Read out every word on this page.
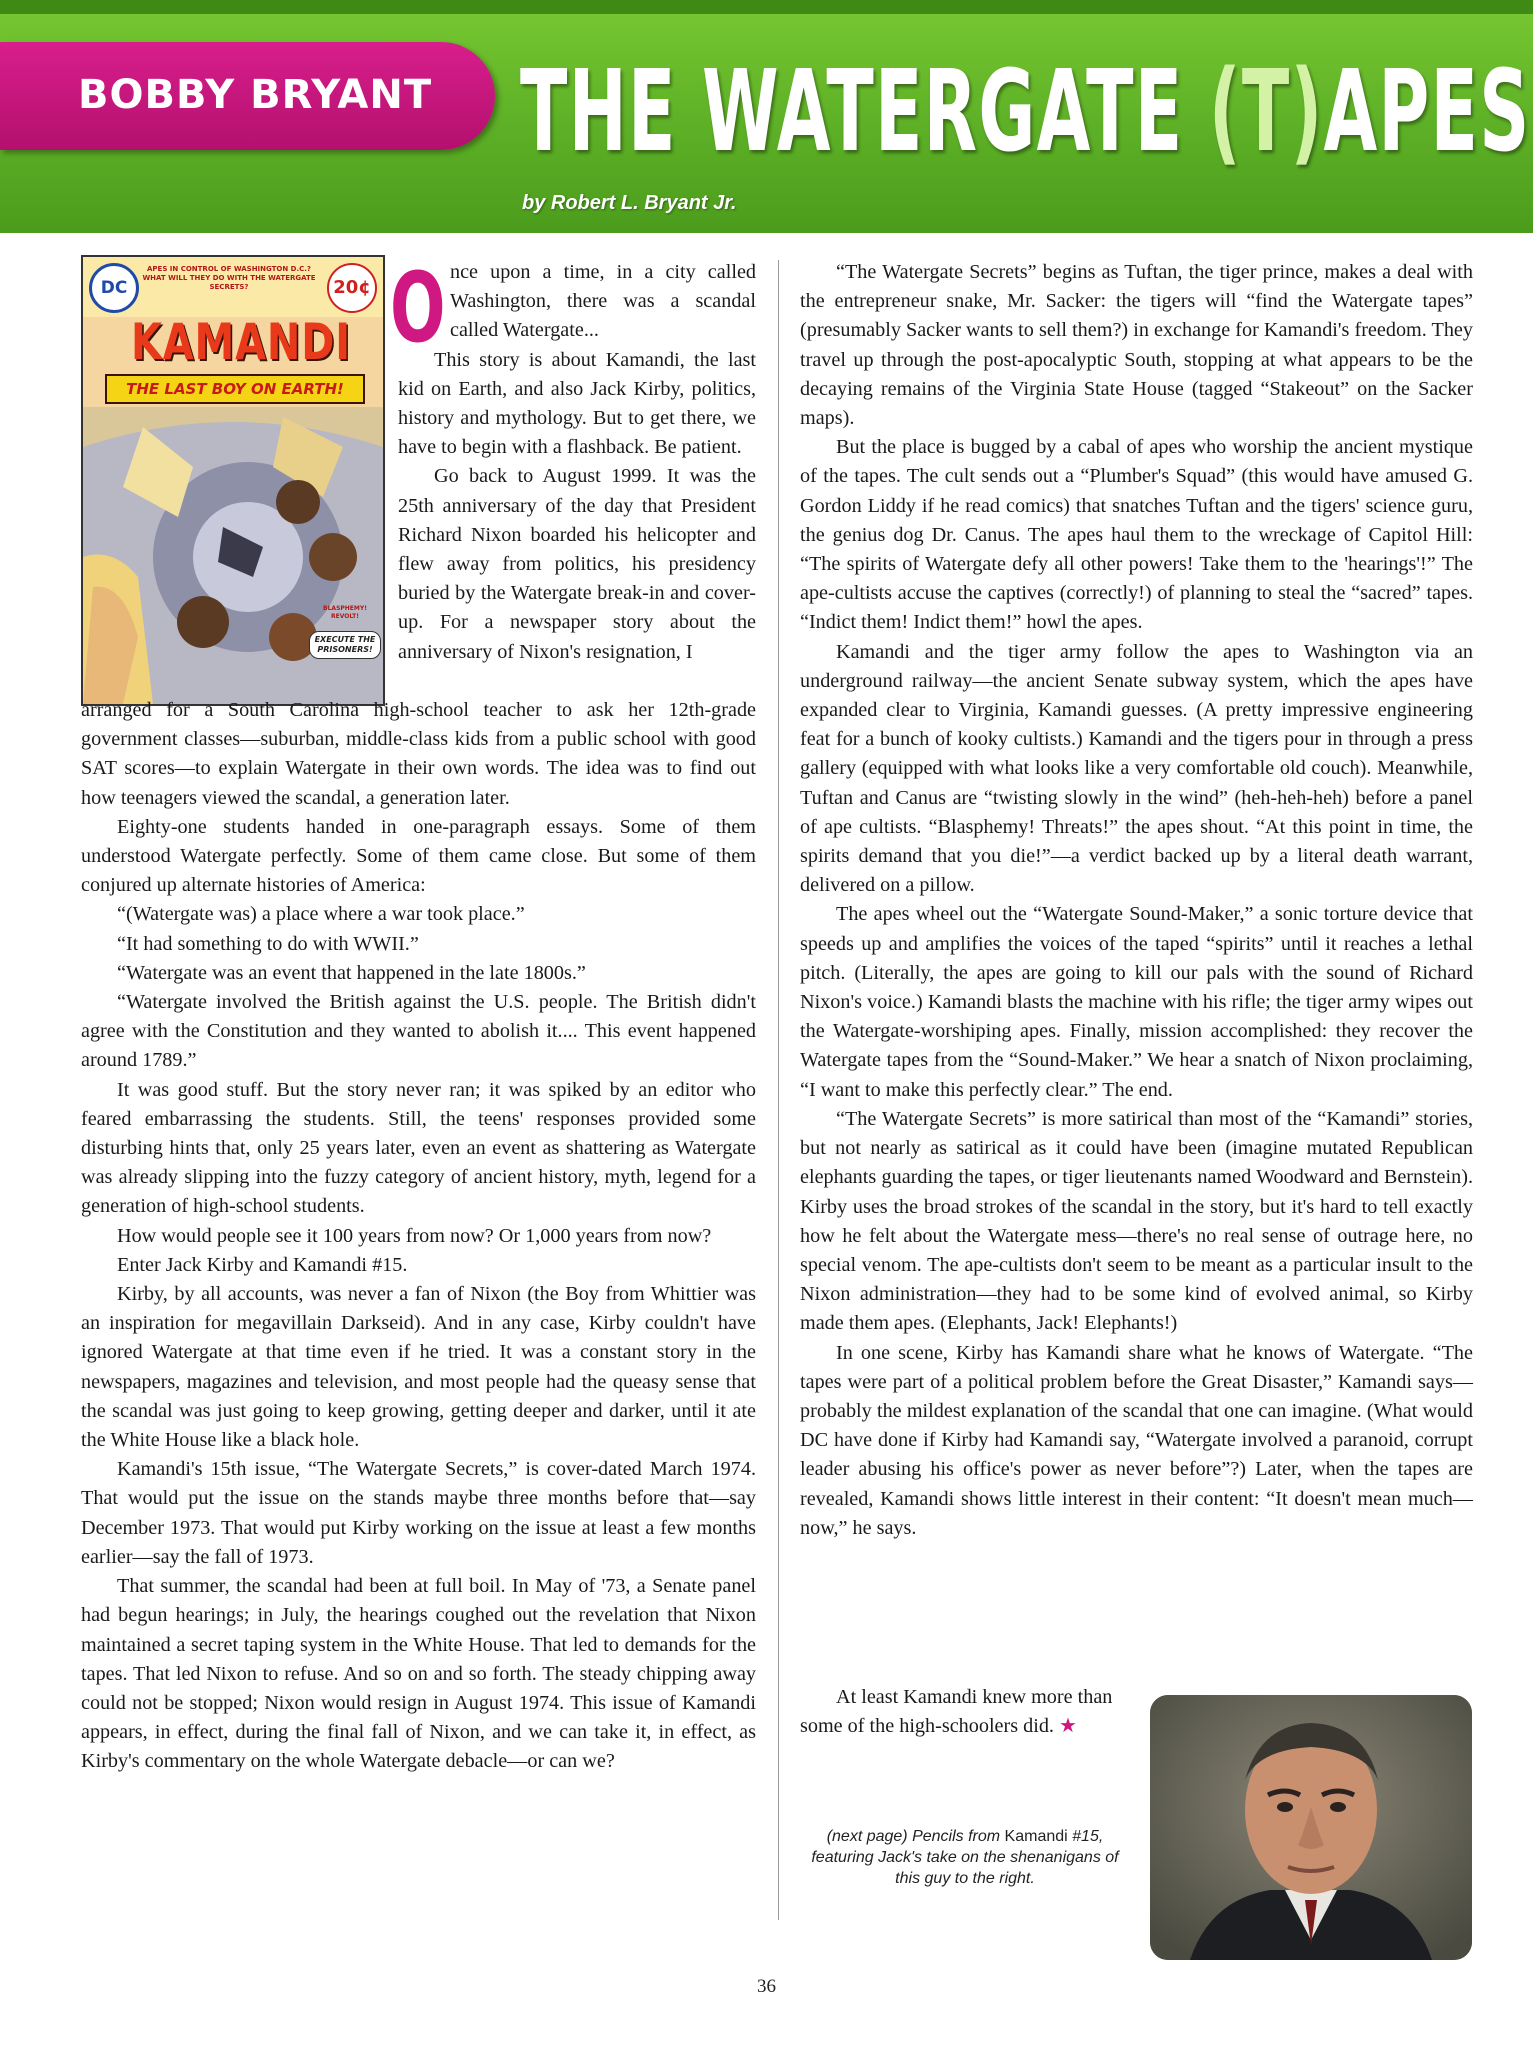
BOBBY BRYANT THE WATERGATE (T)APES
by Robert L. Bryant Jr.
DC
APES IN CONTROL OF WASHINGTON D.C.? WHAT WILL THEY DO WITH THE WATERGATE SECRETS?	20¢
KAMANDI
THE LAST BOY ON EARTH!
BLASPHEMY! REVOLT!
EXECUTE THE PRISONERS!
O nce upon a time, in a city called Washington, there was a scandal called Watergate...

This story is about Kamandi, the last kid on Earth, and also Jack Kirby, politics, history and mythology. But to get there, we have to begin with a flashback. Be patient.

Go back to August 1999. It was the 25th anniversary of the day that President Richard Nixon boarded his helicopter and flew away from politics, his presidency buried by the Watergate break-in and cover-up. For a newspaper story about the anniversary of Nixon's resignation, I

arranged for a South Carolina high-school teacher to ask her 12th-grade government classes—suburban, middle-class kids from a public school with good SAT scores—to explain Watergate in their own words. The idea was to find out how teenagers viewed the scandal, a generation later.

Eighty-one students handed in one-paragraph essays. Some of them understood Watergate perfectly. Some of them came close. But some of them conjured up alternate histories of America:

“(Watergate was) a place where a war took place.”

“It had something to do with WWII.”

“Watergate was an event that happened in the late 1800s.”

“Watergate involved the British against the U.S. people. The British didn't agree with the Constitution and they wanted to abolish it.... This event happened around 1789.”

It was good stuff. But the story never ran; it was spiked by an editor who feared embarrassing the students. Still, the teens' responses provided some disturbing hints that, only 25 years later, even an event as shattering as Watergate was already slipping into the fuzzy category of ancient history, myth, legend for a generation of high-school students.

How would people see it 100 years from now? Or 1,000 years from now?

Enter Jack Kirby and Kamandi #15.

Kirby, by all accounts, was never a fan of Nixon (the Boy from Whittier was an inspiration for megavillain Darkseid). And in any case, Kirby couldn't have ignored Watergate at that time even if he tried. It was a constant story in the newspapers, magazines and television, and most people had the queasy sense that the scandal was just going to keep growing, getting deeper and darker, until it ate the White House like a black hole.

Kamandi's 15th issue, “The Watergate Secrets,” is cover-dated March 1974. That would put the issue on the stands maybe three months before that—say December 1973. That would put Kirby working on the issue at least a few months earlier—say the fall of 1973.

That summer, the scandal had been at full boil. In May of '73, a Senate panel had begun hearings; in July, the hearings coughed out the revelation that Nixon maintained a secret taping system in the White House. That led to demands for the tapes. That led Nixon to refuse. And so on and so forth. The steady chipping away could not be stopped; Nixon would resign in August 1974. This issue of Kamandi appears, in effect, during the final fall of Nixon, and we can take it, in effect, as Kirby's commentary on the whole Watergate debacle—or can we?

“The Watergate Secrets” begins as Tuftan, the tiger prince, makes a deal with the entrepreneur snake, Mr. Sacker: the tigers will “find the Watergate tapes” (presumably Sacker wants to sell them?) in exchange for Kamandi's freedom. They travel up through the post-apocalyptic South, stopping at what appears to be the decaying remains of the Virginia State House (tagged “Stakeout” on the Sacker maps).

But the place is bugged by a cabal of apes who worship the ancient mystique of the tapes. The cult sends out a “Plumber's Squad” (this would have amused G. Gordon Liddy if he read comics) that snatches Tuftan and the tigers' science guru, the genius dog Dr. Canus. The apes haul them to the wreckage of Capitol Hill: “The spirits of Watergate defy all other powers! Take them to the 'hearings'!” The ape-cultists accuse the captives (correctly!) of planning to steal the “sacred” tapes. “Indict them! Indict them!” howl the apes.

Kamandi and the tiger army follow the apes to Washington via an underground railway—the ancient Senate subway system, which the apes have expanded clear to Virginia, Kamandi guesses. (A pretty impressive engineering feat for a bunch of kooky cultists.) Kamandi and the tigers pour in through a press gallery (equipped with what looks like a very comfortable old couch). Meanwhile, Tuftan and Canus are “twisting slowly in the wind” (heh-heh-heh) before a panel of ape cultists. “Blasphemy! Threats!” the apes shout. “At this point in time, the spirits demand that you die!”—a verdict backed up by a literal death warrant, delivered on a pillow.

The apes wheel out the “Watergate Sound-Maker,” a sonic torture device that speeds up and amplifies the voices of the taped “spirits” until it reaches a lethal pitch. (Literally, the apes are going to kill our pals with the sound of Richard Nixon's voice.) Kamandi blasts the machine with his rifle; the tiger army wipes out the Watergate-worshiping apes. Finally, mission accomplished: they recover the Watergate tapes from the “Sound-Maker.” We hear a snatch of Nixon proclaiming, “I want to make this perfectly clear.” The end.

“The Watergate Secrets” is more satirical than most of the “Kamandi” stories, but not nearly as satirical as it could have been (imagine mutated Republican elephants guarding the tapes, or tiger lieutenants named Woodward and Bernstein). Kirby uses the broad strokes of the scandal in the story, but it's hard to tell exactly how he felt about the Watergate mess—there's no real sense of outrage here, no special venom. The ape-cultists don't seem to be meant as a particular insult to the Nixon administration—they had to be some kind of evolved animal, so Kirby made them apes. (Elephants, Jack! Elephants!)

In one scene, Kirby has Kamandi share what he knows of Watergate. “The tapes were part of a political problem before the Great Disaster,” Kamandi says—probably the mildest explanation of the scandal that one can imagine. (What would DC have done if Kirby had Kamandi say, “Watergate involved a paranoid, corrupt leader abusing his office's power as never before”?) Later, when the tapes are revealed, Kamandi shows little interest in their content: “It doesn't mean much—now,” he says.

At least Kamandi knew more than some of the high-schoolers did. ★

(next page) Pencils from Kamandi #15, featuring Jack's take on the shenanigans of this guy to the right.
36
